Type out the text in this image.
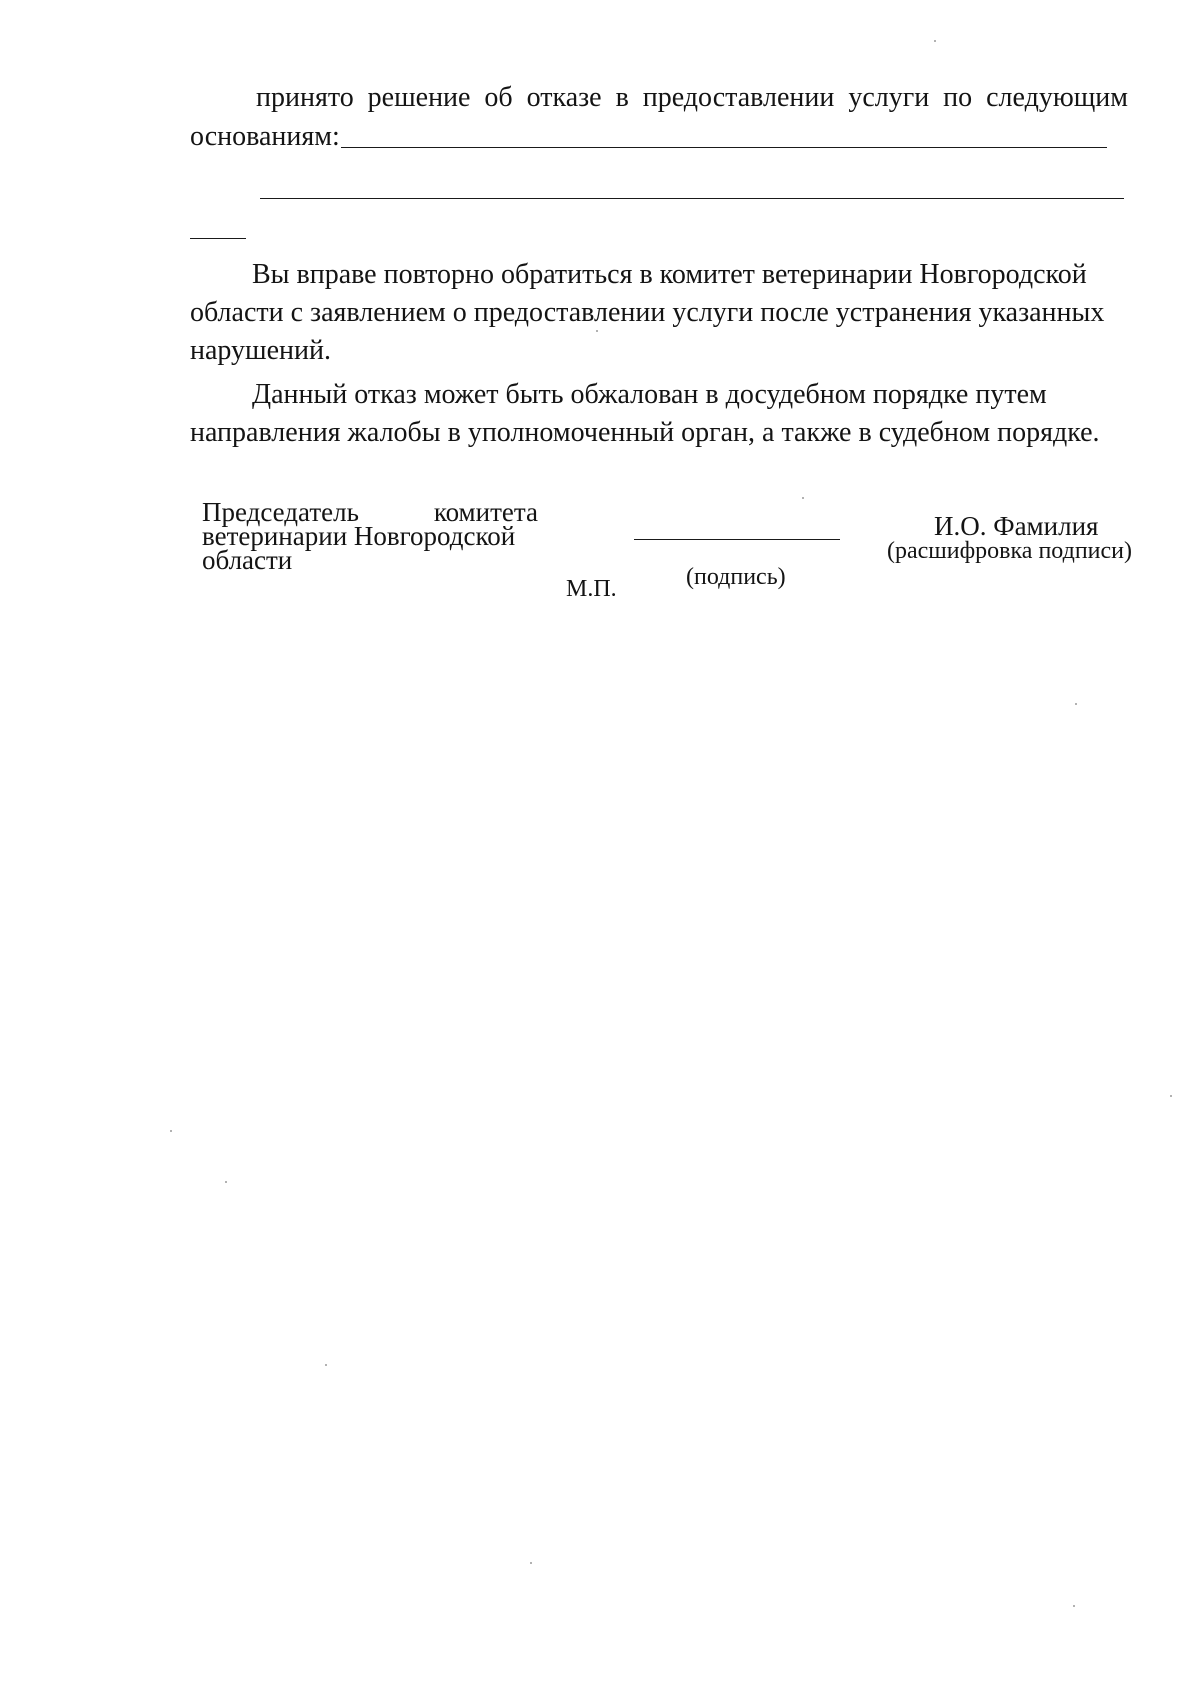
принято решение об отказе в предоставлении услуги по следующим
основаниям:
Вы вправе повторно обратиться в комитет ветеринарии Новгородской области с заявлением о предоставлении услуги после устранения указанных нарушений.
Данный отказ может быть обжалован в досудебном порядке путем направления жалобы в уполномоченный орган, а также в судебном порядке.
Председатель	комитета
ветеринарии Новгородской
области
М.П.	(подпись)
И.О. Фамилия
(расшифровка подписи)
